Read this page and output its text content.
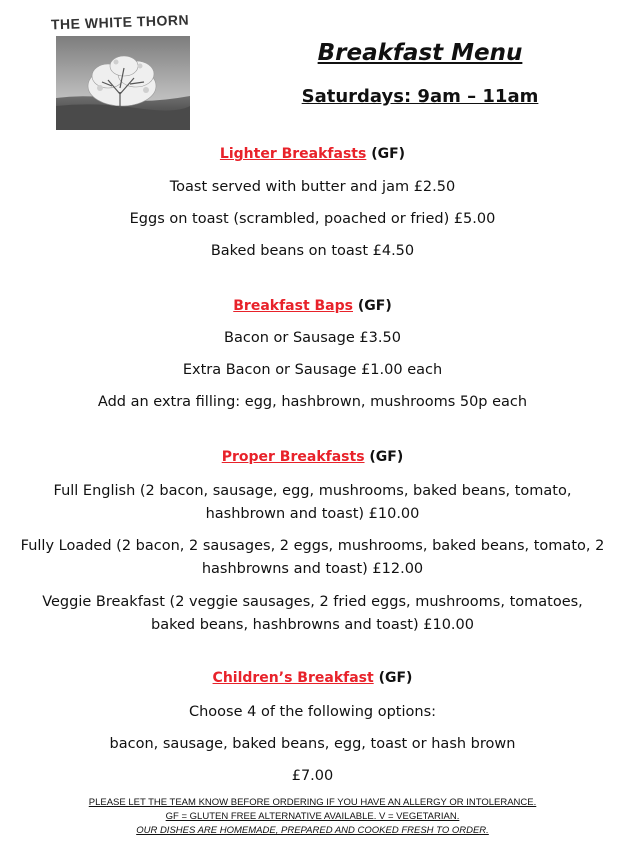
THE WHITE THORN
Breakfast Menu
Saturdays: 9am – 11am
Lighter Breakfasts (GF)
Toast served with butter and jam £2.50
Eggs on toast (scrambled, poached or fried) £5.00
Baked beans on toast £4.50
Breakfast Baps (GF)
Bacon or Sausage £3.50
Extra Bacon or Sausage £1.00 each
Add an extra filling: egg, hashbrown, mushrooms 50p each
Proper Breakfasts (GF)
Full English (2 bacon, sausage, egg, mushrooms, baked beans, tomato, hashbrown and toast) £10.00
Fully Loaded (2 bacon, 2 sausages, 2 eggs, mushrooms, baked beans, tomato, 2 hashbrowns and toast) £12.00
Veggie Breakfast (2 veggie sausages, 2 fried eggs, mushrooms, tomatoes, baked beans, hashbrowns and toast) £10.00
Children’s Breakfast (GF)
Choose 4 of the following options:
bacon, sausage, baked beans, egg, toast or hash brown
£7.00
PLEASE LET THE TEAM KNOW BEFORE ORDERING IF YOU HAVE AN ALLERGY OR INTOLERANCE.
GF = GLUTEN FREE ALTERNATIVE AVAILABLE. V = VEGETARIAN.
OUR DISHES ARE HOMEMADE, PREPARED AND COOKED FRESH TO ORDER.
